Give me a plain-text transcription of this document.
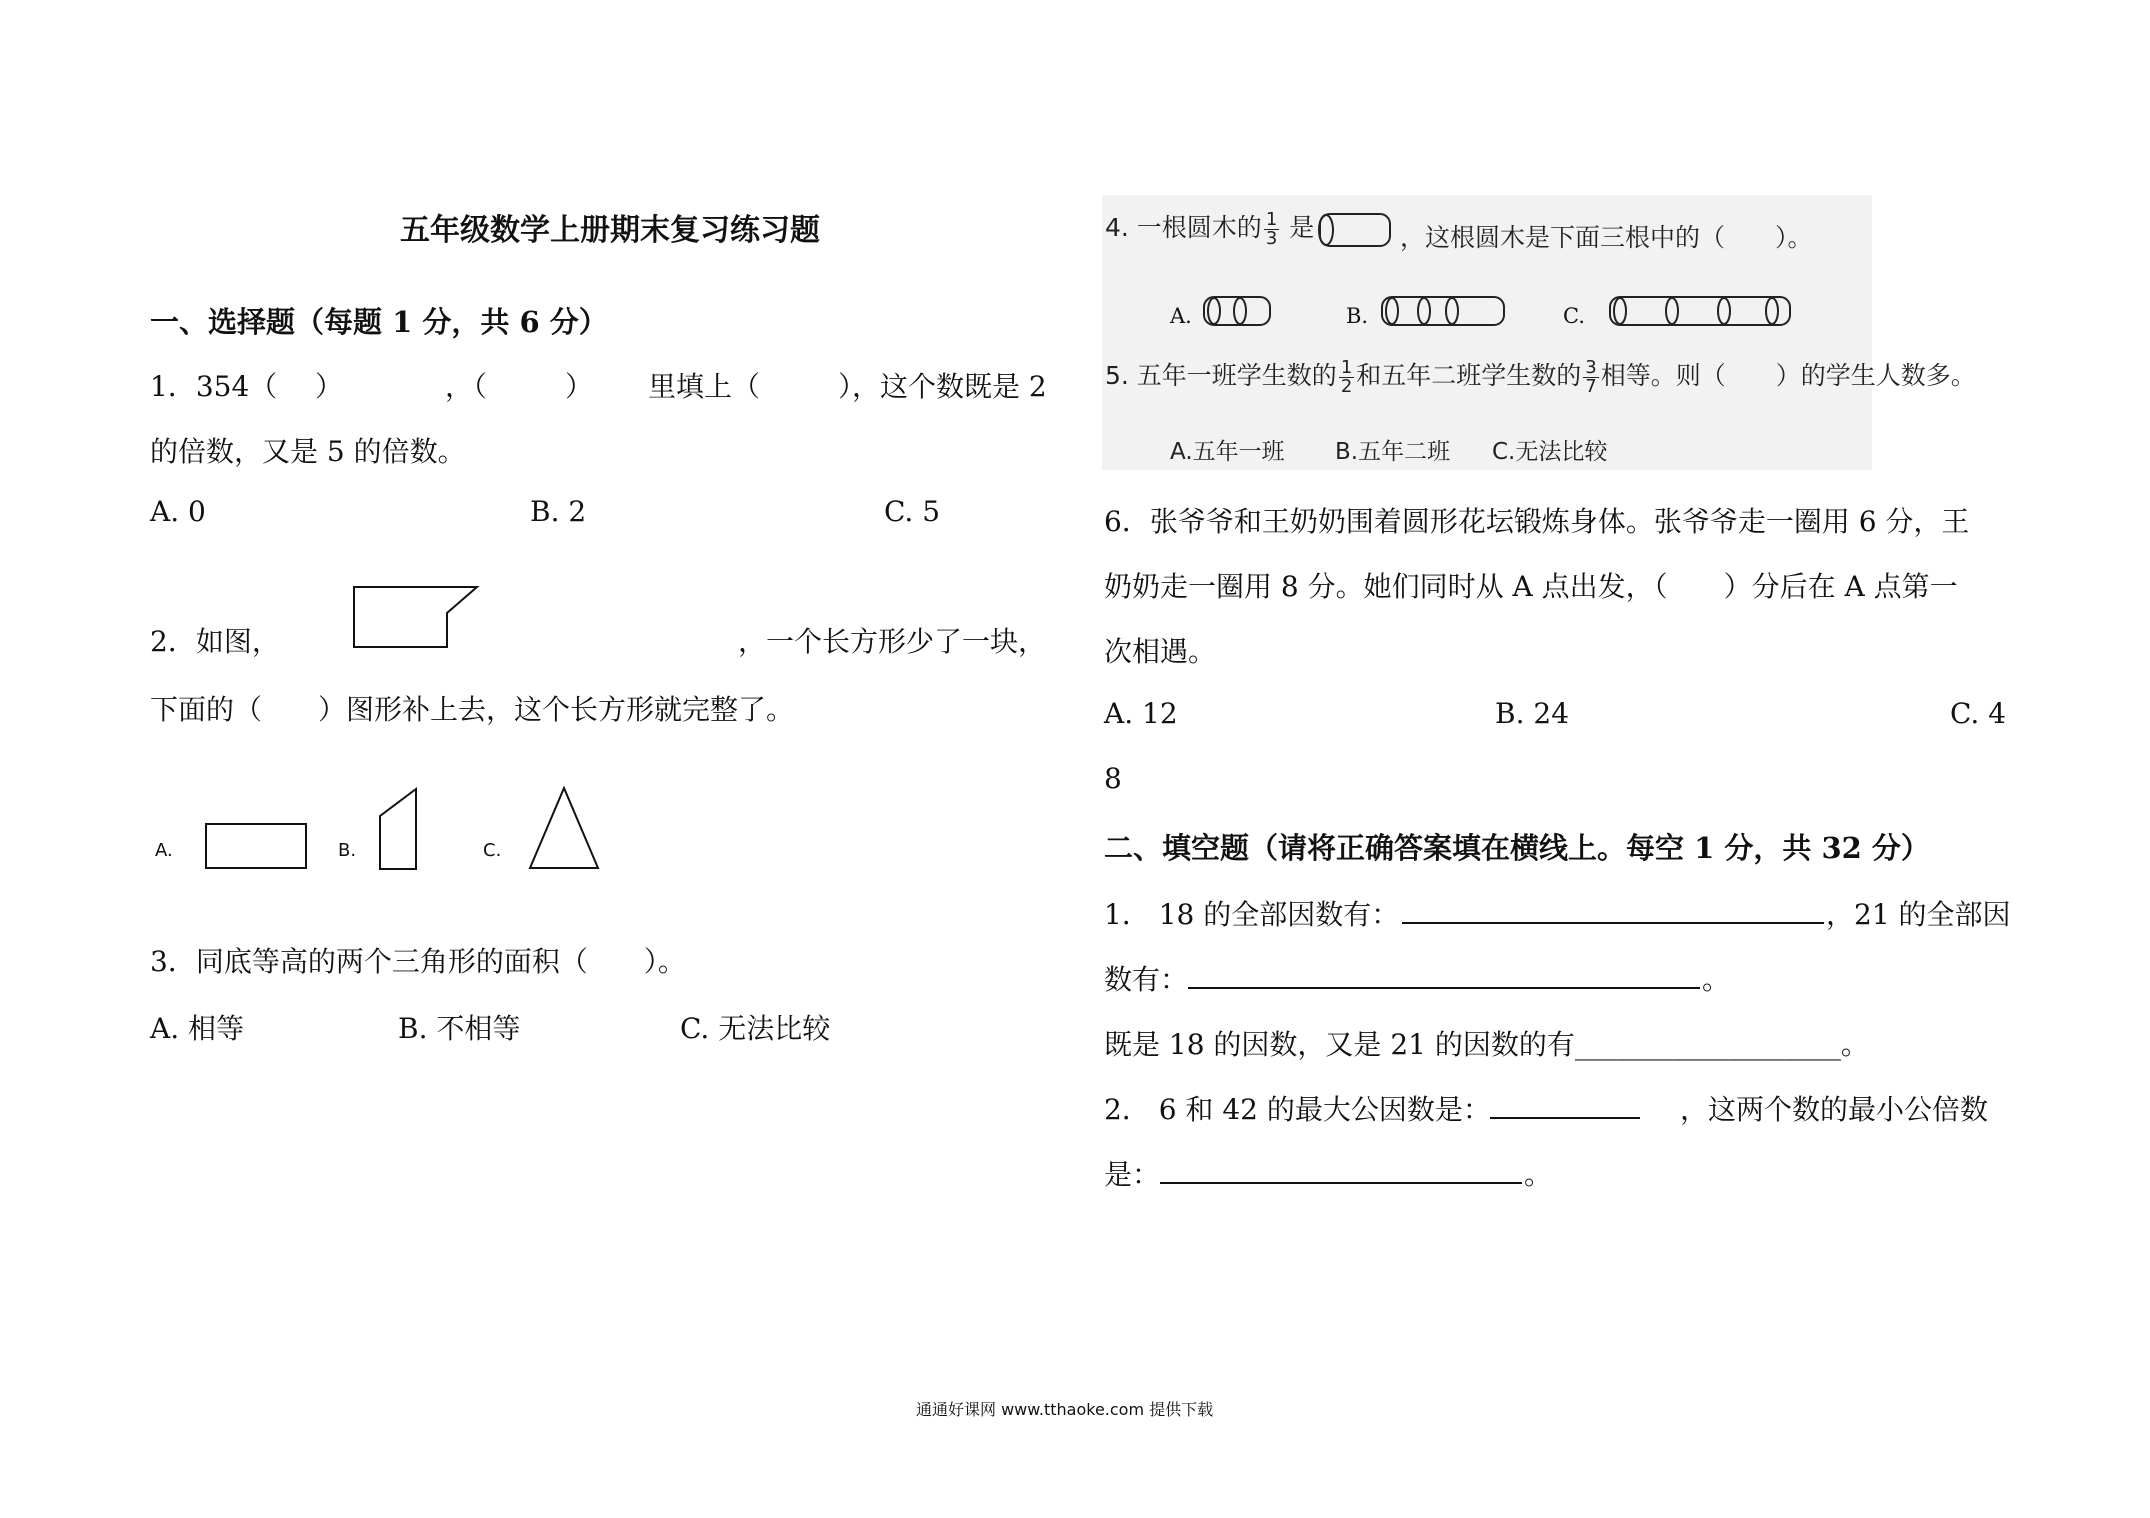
五年级数学上册期末复习练习题
一、选择题（每题 1 分，共 6 分）
1．354（ ）	，（	） 里填上（	），这个数既是 2
的倍数，又是 5 的倍数。
A. 0	B. 2	C. 5
2．如图，	，一个长方形少了一块，
下面的（　　）图形补上去，这个长方形就完整了。
A.	B.	C.
3．同底等高的两个三角形的面积（　　）。
A. 相等	B. 不相等	C. 无法比较
4. 一根圆木的 $\frac{1}{3}$ 是	，这根圆木是下面三根中的（　　）。
A.	B.	C.
5. 五年一班学生数的 $\frac{1}{2}$ 和五年二班学生数的 $\frac{3}{7}$ 相等。则（　　）的学生人数多。
A.五年一班 B.五年二班 C.无法比较
6．张爷爷和王奶奶围着圆形花坛锻炼身体。张爷爷走一圈用 6 分，王
奶奶走一圈用 8 分。她们同时从 A 点出发，（　　）分后在 A 点第一
次相遇。
A. 12	B. 24	C. 4
8
二、填空题（请将正确答案填在横线上。每空 1 分，共 32 分）
1． 18 的全部因数有：	，21 的全部因
数有：	。
既是 18 的因数，又是 21 的因数的有___________________。
2． 6 和 42 的最大公因数是：	，这两个数的最小公倍数
是：	。
通通好课网 www.tthaoke.com 提供下载
